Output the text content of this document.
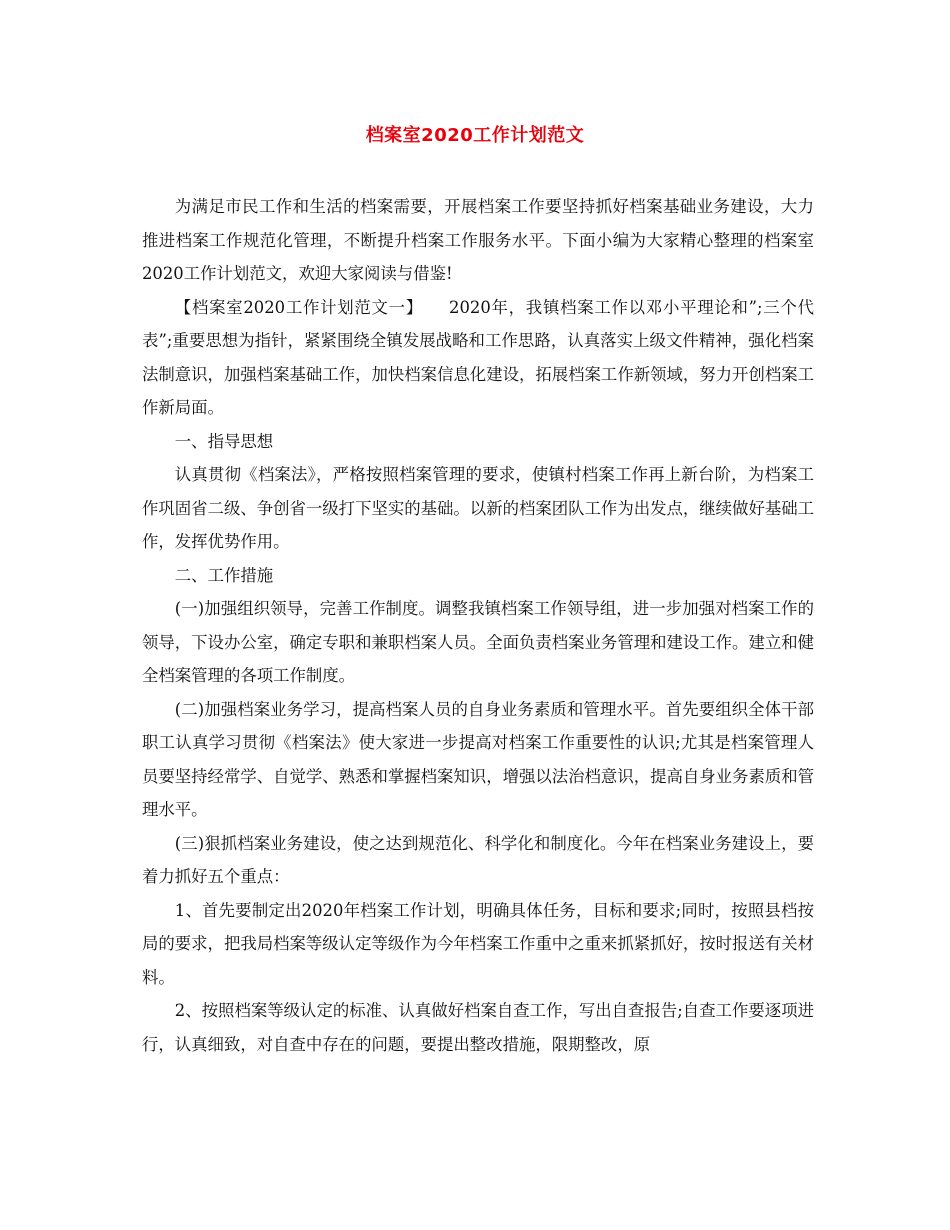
档案室2020工作计划范文

为满足市民工作和生活的档案需要，开展档案工作要坚持抓好档案基础业务建设，大力推进档案工作规范化管理，不断提升档案工作服务水平。下面小编为大家精心整理的档案室2020工作计划范文，欢迎大家阅读与借鉴!

【档案室2020工作计划范文一】　　2020年，我镇档案工作以邓小平理论和”;三个代表”;重要思想为指针，紧紧围绕全镇发展战略和工作思路，认真落实上级文件精神，强化档案法制意识，加强档案基础工作，加快档案信息化建设，拓展档案工作新领域，努力开创档案工作新局面。

一、指导思想

认真贯彻《档案法》，严格按照档案管理的要求，使镇村档案工作再上新台阶，为档案工作巩固省二级、争创省一级打下坚实的基础。以新的档案团队工作为出发点，继续做好基础工作，发挥优势作用。

二、工作措施

(一)加强组织领导，完善工作制度。调整我镇档案工作领导组，进一步加强对档案工作的领导，下设办公室，确定专职和兼职档案人员。全面负责档案业务管理和建设工作。建立和健全档案管理的各项工作制度。

(二)加强档案业务学习，提高档案人员的自身业务素质和管理水平。首先要组织全体干部职工认真学习贯彻《档案法》使大家进一步提高对档案工作重要性的认识;尤其是档案管理人员要坚持经常学、自觉学、熟悉和掌握档案知识，增强以法治档意识，提高自身业务素质和管理水平。

(三)狠抓档案业务建设，使之达到规范化、科学化和制度化。今年在档案业务建设上，要着力抓好五个重点：

1、首先要制定出2020年档案工作计划，明确具体任务，目标和要求;同时，按照县档按局的要求，把我局档案等级认定等级作为今年档案工作重中之重来抓紧抓好，按时报送有关材料。

2、按照档案等级认定的标准、认真做好档案自查工作，写出自查报告;自查工作要逐项进行，认真细致，对自查中存在的问题，要提出整改措施，限期整改，原
